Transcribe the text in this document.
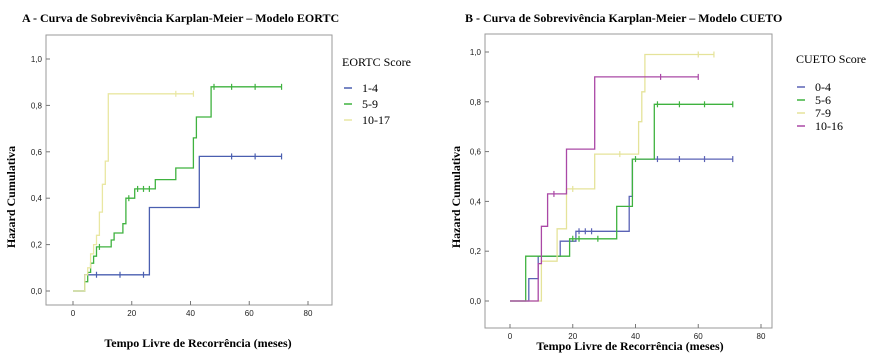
A - Curva de Sobrevivência Karplan-Meier – Modelo EORTC	B - Curva de Sobrevivência Karplan-Meier – Modelo CUETO
0,0
0,2
0,4
0,6
0,8
1,0
0	20	40	60	80
Tempo Livre de Recorrência (meses)
Hazard Cumulativa
EORTC Score
1-4
5-9
10-17
0,0
0,2
0,4
0,6
0,8
1,0
0	20	40	60	80
Tempo Livre de Recorrência (meses)
Hazard Cumulativa
CUETO Score
0-4
5-6
7-9
10-16
